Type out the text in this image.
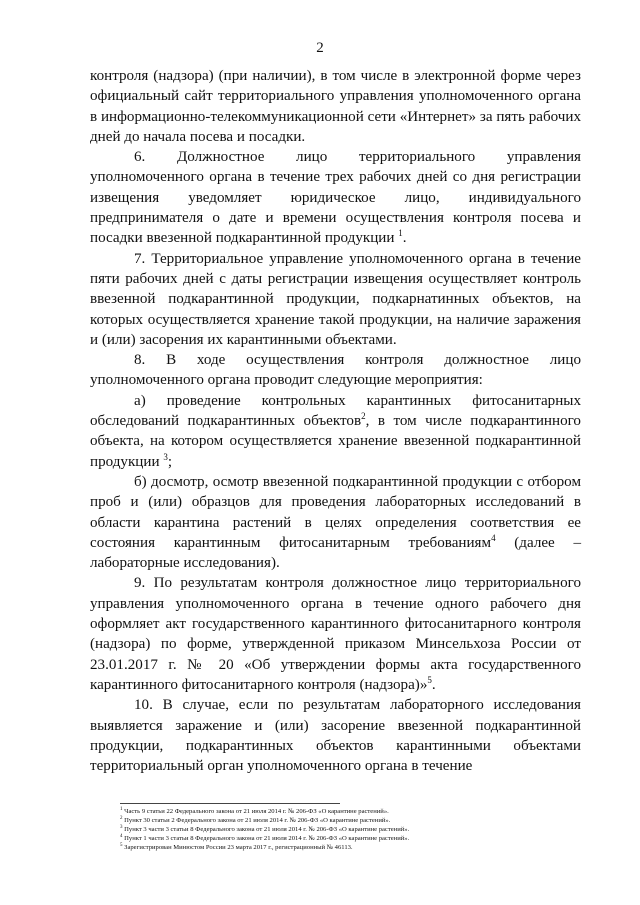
2

контроля (надзора) (при наличии), в том числе в электронной форме через официальный сайт территориального управления уполномоченного органа в информационно-телекоммуникационной сети «Интернет» за пять рабочих дней до начала посева и посадки.

6. Должностное лицо территориального управления уполномоченного органа в течение трех рабочих дней со дня регистрации извещения уведомляет юридическое лицо, индивидуального предпринимателя о дате и времени осуществления контроля посева и посадки ввезенной подкарантинной продукции $^1$.

7. Территориальное управление уполномоченного органа в течение пяти рабочих дней с даты регистрации извещения осуществляет контроль ввезенной подкарантинной продукции, подкарнатинных объектов, на которых осуществляется хранение такой продукции, на наличие заражения и (или) засорения их карантинными объектами.

8. В ходе осуществления контроля должностное лицо уполномоченного органа проводит следующие мероприятия:

а) проведение контрольных карантинных фитосанитарных обследований подкарантинных объектов$^2$, в том числе подкарантинного объекта, на котором осуществляется хранение ввезенной подкарантинной продукции $^3$;

б) досмотр, осмотр ввезенной подкарантинной продукции с отбором проб и (или) образцов для проведения лабораторных исследований в области карантина растений в целях определения соответствия ее состояния карантинным фитосанитарным требованиям$^4$ (далее – лабораторные исследования).

9. По результатам контроля должностное лицо территориального управления уполномоченного органа в течение одного рабочего дня оформляет акт государственного карантинного фитосанитарного контроля (надзора) по форме, утвержденной приказом Минсельхоза России от 23.01.2017 г. № 20 «Об утверждении формы акта государственного карантинного фитосанитарного контроля (надзора)»$^5$.

10. В случае, если по результатам лабораторного исследования выявляется заражение и (или) засорение ввезенной подкарантинной продукции, подкарантинных объектов карантинными объектами территориальный орган уполномоченного органа в течение

$^1$ Часть 9 статьи 22 Федерального закона от 21 июля 2014 г. № 206-ФЗ «О карантине растений».
$^2$ Пункт 30 статьи 2 Федерального закона от 21 июля 2014 г. № 206-ФЗ «О карантине растений».
$^3$ Пункт 3 части 3 статьи 8 Федерального закона от 21 июля 2014 г. № 206-ФЗ «О карантине растений».
$^4$ Пункт 1 части 3 статьи 8 Федерального закона от 21 июля 2014 г. № 206-ФЗ «О карантине растений».
$^5$ Зарегистрирован Минюстом России 23 марта 2017 г., регистрационный № 46113.
